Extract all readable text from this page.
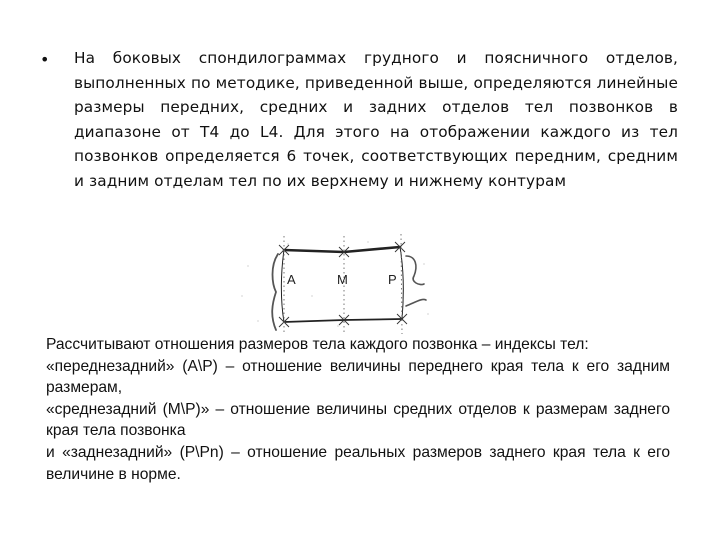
• На боковых спондилограммах грудного и поясничного отделов, выполненных по методике, приведенной выше, определяются линейные размеры передних, средних и задних отделов тел позвонков в диапазоне от Т4 до L4. Для этого на отображении каждого из тел позвонков определяется 6 точек, соответствующих передним, средним и задним отделам тел по их верхнему и нижнему контурам
A	M	P
Рассчитывают отношения размеров тела каждого позвонка – индексы тел:
«переднезадний» (A\P) – отношение величины переднего края тела к его задним размерам,
«среднезадний (M\P)» – отношение величины средних отделов к размерам заднего края тела позвонка
и «заднезадний» (P\Pn) – отношение реальных размеров заднего края тела к его величине в норме.
